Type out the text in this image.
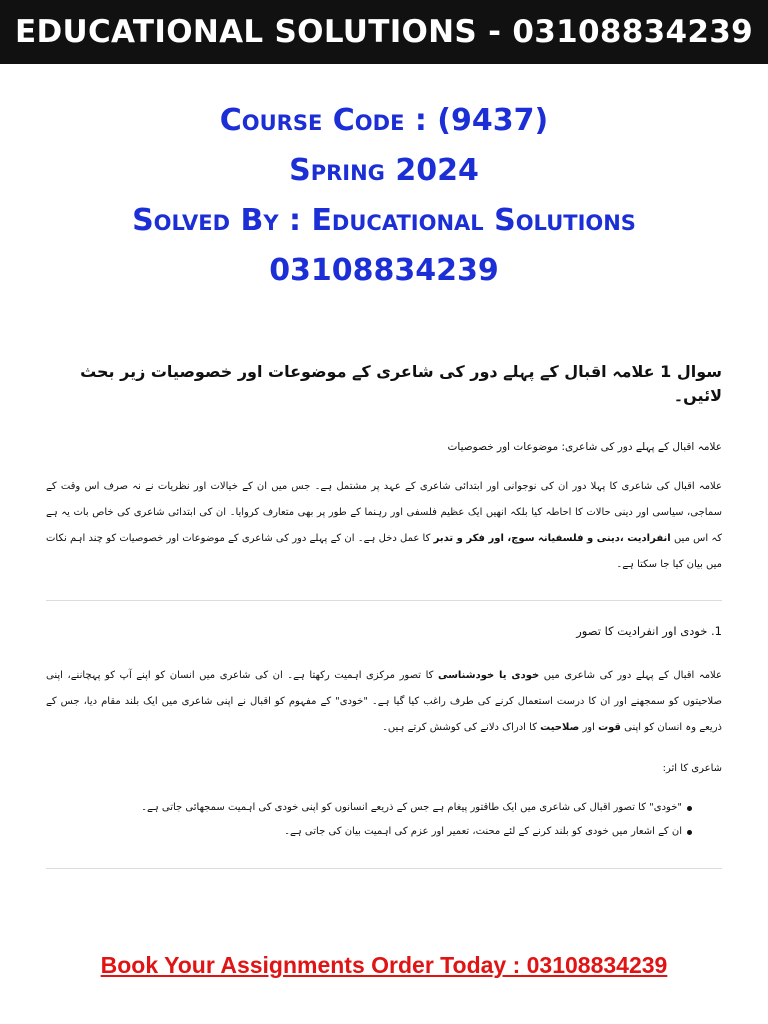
EDUCATIONAL SOLUTIONS - 03108834239
Course Code : (9437)
Spring 2024
Solved By : Educational Solutions
03108834239
سوال 1 علامہ اقبال کے پہلے دور کی شاعری کے موضوعات اور خصوصیات زیر بحث لائیں۔
علامہ اقبال کے پہلے دور کی شاعری: موضوعات اور خصوصیات

علامہ اقبال کی شاعری کا پہلا دور ان کی نوجوانی اور ابتدائی شاعری کے عہد پر مشتمل ہے۔ جس میں ان کے خیالات اور نظریات نے نہ صرف اس وقت کے سماجی، سیاسی اور دینی حالات کا احاطہ کیا بلکہ انھیں ایک عظیم فلسفی اور رہنما کے طور پر بھی متعارف کروایا۔ ان کی ابتدائی شاعری کی خاص بات یہ ہے کہ اس میں انفرادیت ،دینی و فلسفیانہ سوچ، اور فکر و تدبر کا عمل دخل ہے۔ ان کے پہلے دور کی شاعری کے موضوعات اور خصوصیات کو چند اہم نکات میں بیان کیا جا سکتا ہے۔

1. خودی اور انفرادیت کا تصور

علامہ اقبال کے پہلے دور کی شاعری میں خودی یا خودشناسی کا تصور مرکزی اہمیت رکھتا ہے۔ ان کی شاعری میں انسان کو اپنے آپ کو پہچاننے، اپنی صلاحیتوں کو سمجھنے اور ان کا درست استعمال کرنے کی طرف راغب کیا گیا ہے۔ "خودی" کے مفہوم کو اقبال نے اپنی شاعری میں ایک بلند مقام دیا، جس کے ذریعے وہ انسان کو اپنی قوت اور صلاحیت کا ادراک دلانے کی کوشش کرتے ہیں۔

شاعری کا اثر:
"خودی" کا تصور اقبال کی شاعری میں ایک طاقتور پیغام ہے جس کے ذریعے انسانوں کو اپنی خودی کی اہمیت سمجھائی جاتی ہے۔
ان کے اشعار میں خودی کو بلند کرنے کے لئے محنت، تعمیر اور عزم کی اہمیت بیان کی جاتی ہے۔
Book Your Assignments Order Today : 03108834239
